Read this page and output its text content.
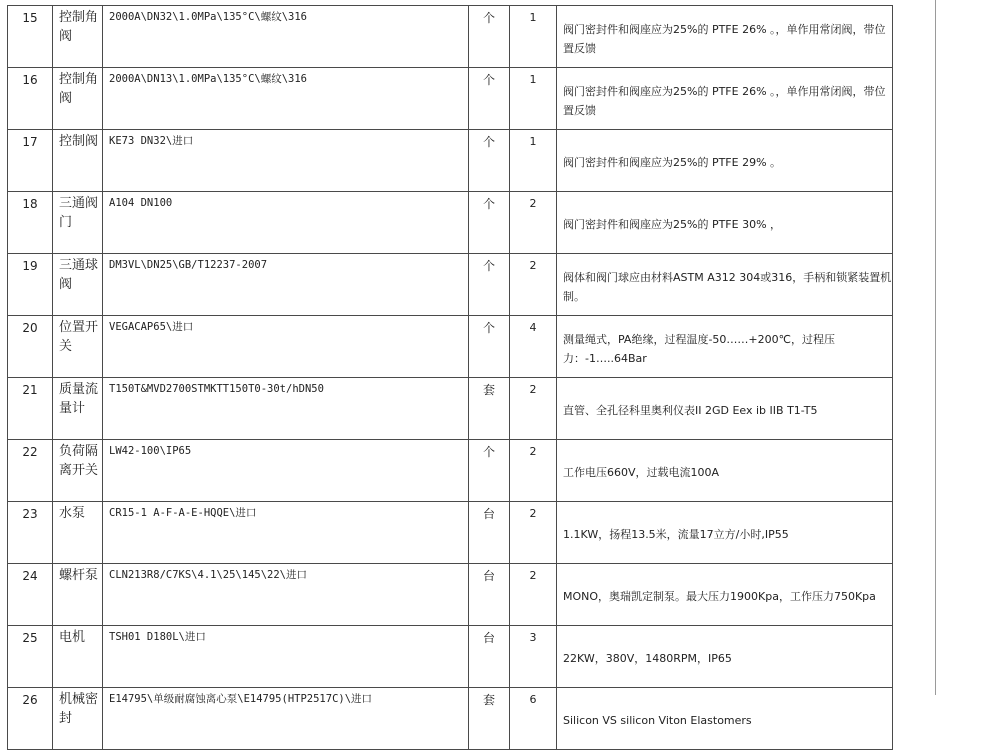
15	控制角阀	2000A\DN32\1.0MPa\135°C\螺纹\316	个	1	阀门密封件和阀座应为25%的 PTFE 26% 。，单作用常闭阀，带位置反馈

16	控制角阀	2000A\DN13\1.0MPa\135°C\螺纹\316	个	1	阀门密封件和阀座应为25%的 PTFE 26% 。，单作用常闭阀，带位置反馈

17	控制阀	KE73 DN32\进口	个	1	阀门密封件和阀座应为25%的 PTFE 29% 。

18	三通阀门	A104 DN100	个	2	阀门密封件和阀座应为25%的 PTFE 30% ，

19	三通球阀	DM3VL\DN25\GB/T12237-2007	个	2	阀体和阀门球应由材料ASTM A312 304或316，手柄和锁紧装置机制。

20	位置开关	VEGACAP65\进口	个	4	测量绳式，PA绝缘，过程温度-50……+200℃，过程压力：-1…..64Bar

21	质量流量计	T150T&MVD2700STMKTT150T0-30t/hDN50	套	2	直管、全孔径科里奥利仪表II 2GD Eex ib IIB T1-T5

22	负荷隔离开关	LW42-100\IP65	个	2	工作电压660V，过载电流100A

23	水泵	CR15-1 A-F-A-E-HQQE\进口	台	2	1.1KW，扬程13.5米，流量17立方/小时,IP55

24	螺杆泵	CLN213R8/C7KS\4.1\25\145\22\进口	台	2	MONO，奥瑞凯定制泵。最大压力1900Kpa，工作压力750Kpa

25	电机	TSH01 D180L\进口	台	3	22KW，380V，1480RPM，IP65

26	机械密封	E14795\单级耐腐蚀离心泵\E14795(HTP2517C)\进口	套	6	Silicon VS silicon Viton Elastomers
